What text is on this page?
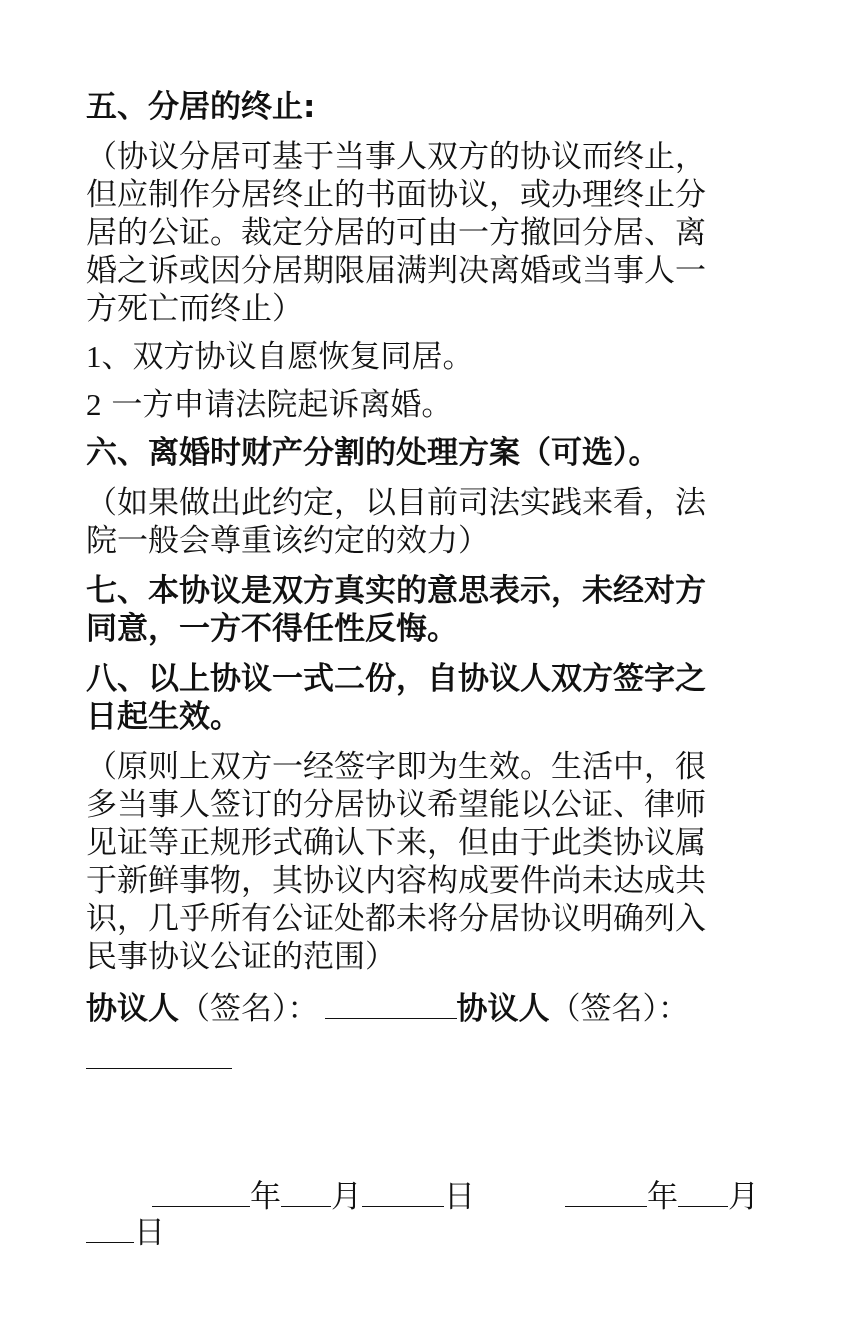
五、分居的终止:

（协议分居可基于当事人双方的协议而终止，

但应制作分居终止的书面协议，或办理终止分

居的公证。裁定分居的可由一方撤回分居、离

婚之诉或因分居期限届满判决离婚或当事人一

方死亡而终止）

1、双方协议自愿恢复同居。

2 一方申请法院起诉离婚。

六、离婚时财产分割的处理方案（可选）。

（如果做出此约定，以目前司法实践来看，法

院一般会尊重该约定的效力）

七、本协议是双方真实的意思表示，未经对方

同意，一方不得任性反悔。

八、以上协议一式二份，自协议人双方签字之

日起生效。

（原则上双方一经签字即为生效。生活中，很

多当事人签订的分居协议希望能以公证、律师

见证等正规形式确认下来，但由于此类协议属

于新鲜事物，其协议内容构成要件尚未达成共

识，几乎所有公证处都未将分居协议明确列入

民事协议公证的范围）

协议人（签名）：	协议人（签名）：

年 月	日	年 月

日
